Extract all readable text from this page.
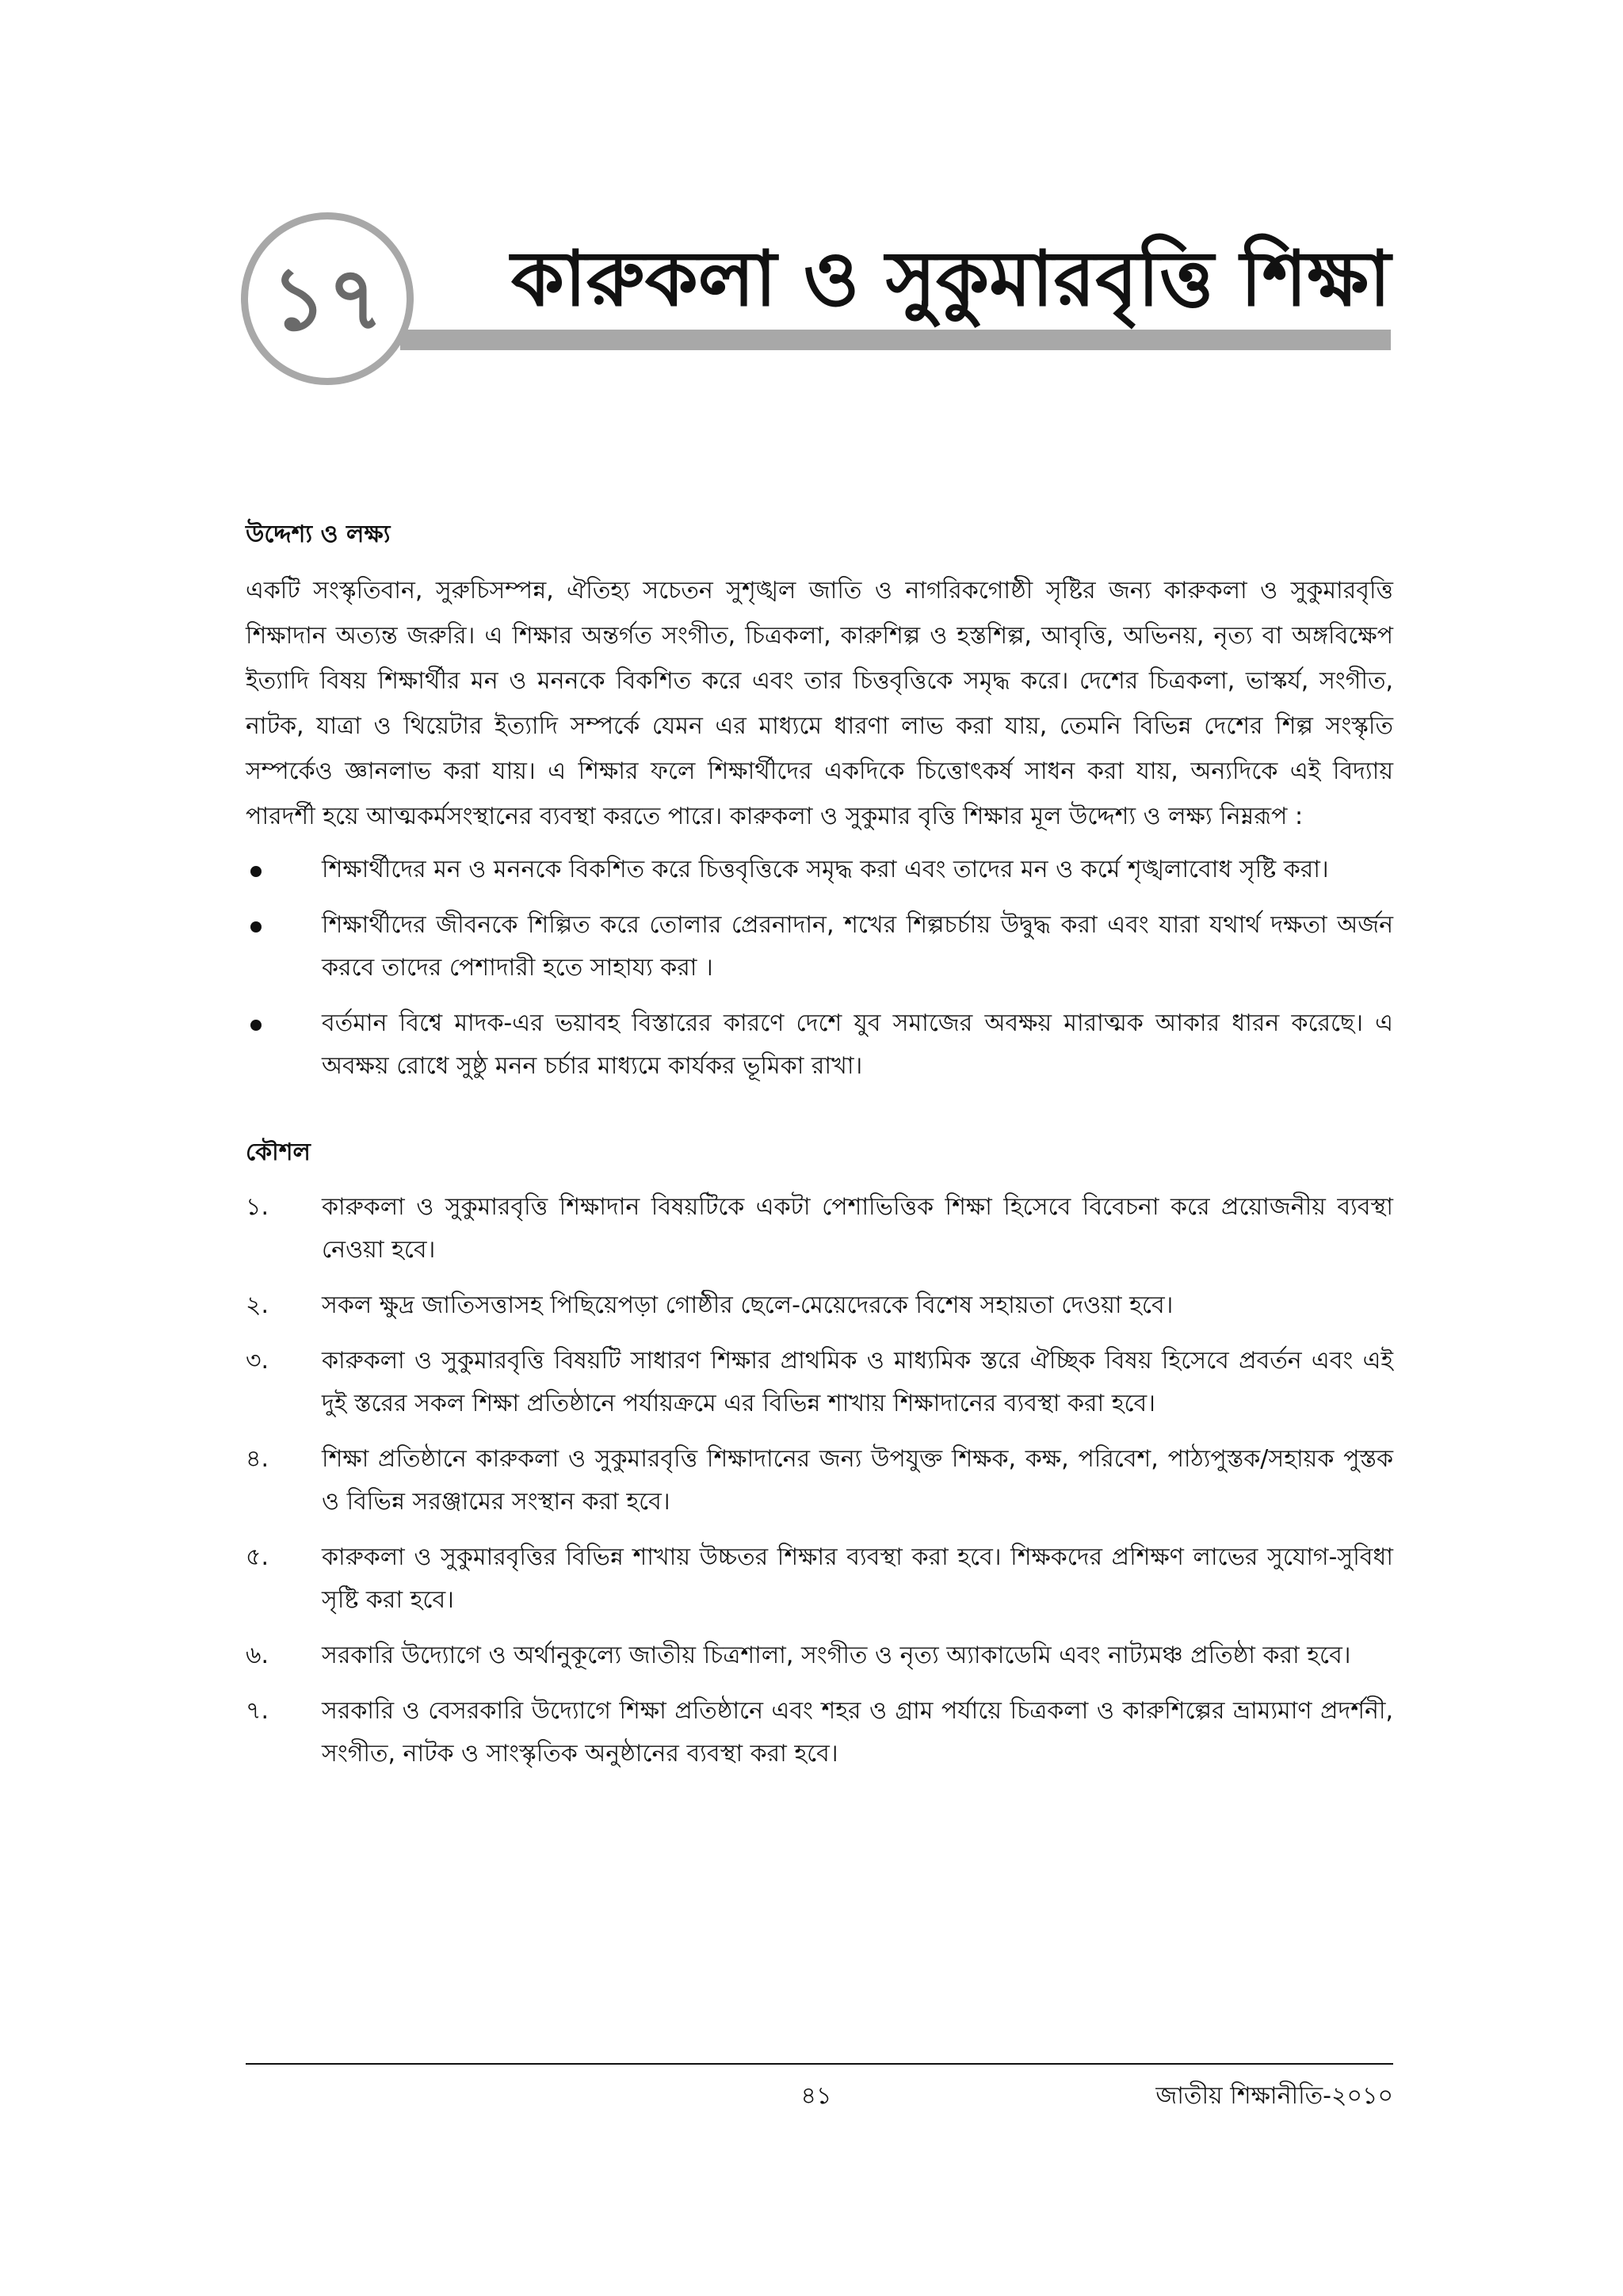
১৭	কারুকলা ও সুকুমারবৃত্তি শিক্ষা
উদ্দেশ্য ও লক্ষ্য

একটি সংস্কৃতিবান, সুরুচিসম্পন্ন, ঐতিহ্য সচেতন সুশৃঙ্খল জাতি ও নাগরিকগোষ্ঠী সৃষ্টির জন্য কারুকলা ও সুকুমারবৃত্তি শিক্ষাদান অত্যন্ত জরুরি। এ শিক্ষার অন্তর্গত সংগীত, চিত্রকলা, কারুশিল্প ও হস্তশিল্প, আবৃত্তি, অভিনয়, নৃত্য বা অঙ্গবিক্ষেপ ইত্যাদি বিষয় শিক্ষার্থীর মন ও মননকে বিকশিত করে এবং তার চিত্তবৃত্তিকে সমৃদ্ধ করে। দেশের চিত্রকলা, ভাস্কর্য, সংগীত, নাটক, যাত্রা ও থিয়েটার ইত্যাদি সম্পর্কে যেমন এর মাধ্যমে ধারণা লাভ করা যায়, তেমনি বিভিন্ন দেশের শিল্প সংস্কৃতি সম্পর্কেও জ্ঞানলাভ করা যায়। এ শিক্ষার ফলে শিক্ষার্থীদের একদিকে চিত্তোৎকর্ষ সাধন করা যায়, অন্যদিকে এই বিদ্যায় পারদর্শী হয়ে আত্মকর্মসংস্থানের ব্যবস্থা করতে পারে। কারুকলা ও সুকুমার বৃত্তি শিক্ষার মূল উদ্দেশ্য ও লক্ষ্য নিম্নরূপ :

শিক্ষার্থীদের মন ও মননকে বিকশিত করে চিত্তবৃত্তিকে সমৃদ্ধ করা এবং তাদের মন ও কর্মে শৃঙ্খলাবোধ সৃষ্টি করা।
শিক্ষার্থীদের জীবনকে শিল্পিত করে তোলার প্রেরনাদান, শখের শিল্পচর্চায় উদ্বুদ্ধ করা এবং যারা যথার্থ দক্ষতা অর্জন করবে তাদের পেশাদারী হতে সাহায্য করা ।
বর্তমান বিশ্বে মাদক-এর ভয়াবহ বিস্তারের কারণে দেশে যুব সমাজের অবক্ষয় মারাত্মক আকার ধারন করেছে। এ অবক্ষয় রোধে সুষ্ঠু মনন চর্চার মাধ্যমে কার্যকর ভূমিকা রাখা।
কৌশল
১.	কারুকলা ও সুকুমারবৃত্তি শিক্ষাদান বিষয়টিকে একটা পেশাভিত্তিক শিক্ষা হিসেবে বিবেচনা করে প্রয়োজনীয় ব্যবস্থা নেওয়া হবে।
২.	সকল ক্ষুদ্র জাতিসত্তাসহ পিছিয়েপড়া গোষ্ঠীর ছেলে-মেয়েদেরকে বিশেষ সহায়তা দেওয়া হবে।
৩.	কারুকলা ও সুকুমারবৃত্তি বিষয়টি সাধারণ শিক্ষার প্রাথমিক ও মাধ্যমিক স্তরে ঐচ্ছিক বিষয় হিসেবে প্রবর্তন এবং এই দুই স্তরের সকল শিক্ষা প্রতিষ্ঠানে পর্যায়ক্রমে এর বিভিন্ন শাখায় শিক্ষাদানের ব্যবস্থা করা হবে।
৪.	শিক্ষা প্রতিষ্ঠানে কারুকলা ও সুকুমারবৃত্তি শিক্ষাদানের জন্য উপযুক্ত শিক্ষক, কক্ষ, পরিবেশ, পাঠ্যপুস্তক/সহায়ক পুস্তক ও বিভিন্ন সরঞ্জামের সংস্থান করা হবে।
৫.	কারুকলা ও সুকুমারবৃত্তির বিভিন্ন শাখায় উচ্চতর শিক্ষার ব্যবস্থা করা হবে। শিক্ষকদের প্রশিক্ষণ লাভের সুযোগ-সুবিধা সৃষ্টি করা হবে।
৬.	সরকারি উদ্যোগে ও অর্থানুকূল্যে জাতীয় চিত্রশালা, সংগীত ও নৃত্য অ্যাকাডেমি এবং নাট্যমঞ্চ প্রতিষ্ঠা করা হবে।
৭.	সরকারি ও বেসরকারি উদ্যোগে শিক্ষা প্রতিষ্ঠানে এবং শহর ও গ্রাম পর্যায়ে চিত্রকলা ও কারুশিল্পের ভ্রাম্যমাণ প্রদর্শনী, সংগীত, নাটক ও সাংস্কৃতিক অনুষ্ঠানের ব্যবস্থা করা হবে।
৪১	জাতীয় শিক্ষানীতি-২০১০
